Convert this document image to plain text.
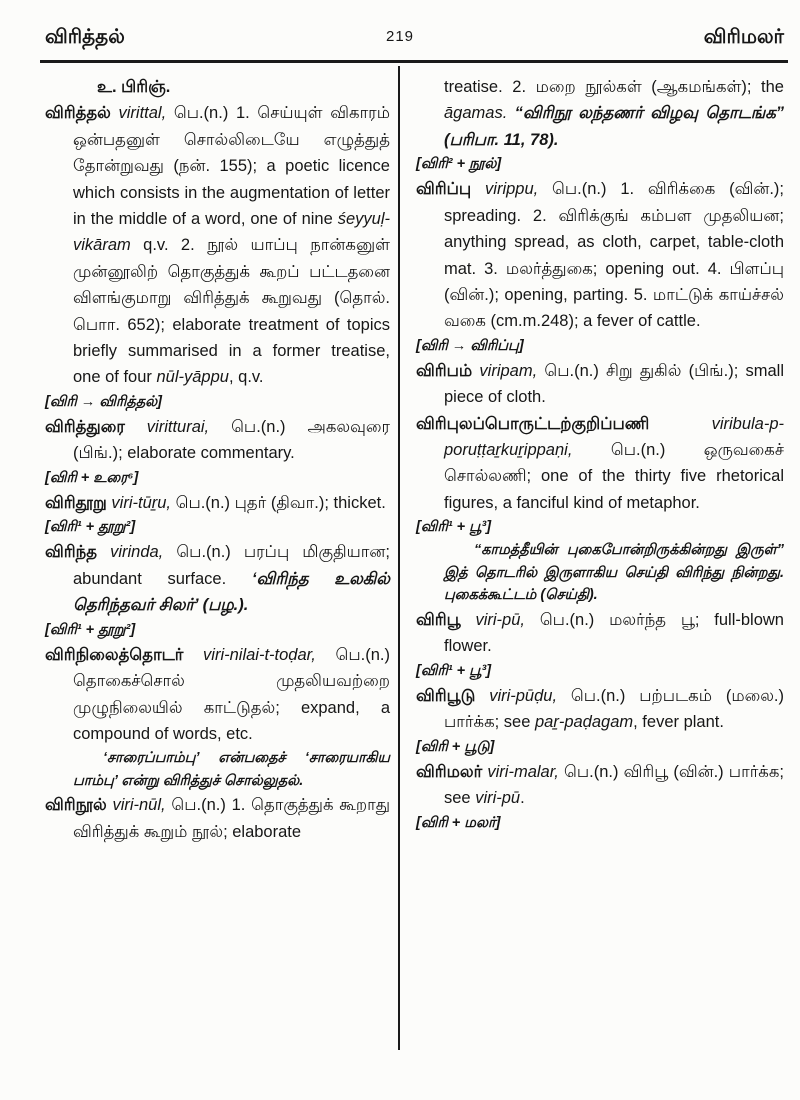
விரித்தல்	219	விரிமலர்

உ. பிரிஞ்.

விரித்தல் virittal, பெ.(n.) 1. செய்யுள் விகாரம் ஒன்பதனுள் சொல்லிடையே எழுத்துத் தோன்றுவது (நன். 155); a poetic licence which consists in the augmentation of letter in the middle of a word, one of nine śeyyuḷ-vikāram q.v. 2. நூல் யாப்பு நான்கனுள் முன்னூலிற் தொகுத்துக் கூறப் பட்டதனை விளங்குமாறு விரித்துக் கூறுவது (தொல். பொா. 652); elaborate treatment of topics briefly summarised in a former treatise, one of four nūl-yāppu, q.v.

[விரி → விரித்தல்]

விரித்துரை viritturai, பெ.(n.) அகலவுரை (பிங்.); elaborate commentary.

[விரி + உரை⁶]

விரிதூறு viri-tūṟu, பெ.(n.) புதர் (திவா.); thicket.

[விரி¹ + தூறு²]

விரிந்த virinda, பெ.(n.) பரப்பு மிகுதியான; abundant surface. ‘விரிந்த உலகில் தெரிந்தவர் சிலர்’ (பழ.).

[விரி¹ + தூறு²]

விரிநிலைத்தொடர் viri-nilai-t-toḍar, பெ.(n.) தொகைச்சொல் முதலியவற்றை முழுநிலையில் காட்டுதல்; expand, a compound of words, etc.

‘சாரைப்பாம்பு’ என்பதைச் ‘சாரையாகிய பாம்பு’ என்று விரித்துச் சொல்லுதல்.

விரிநூல் viri-nūl, பெ.(n.) 1. தொகுத்துக் கூறாது விரித்துக் கூறும் நூல்; elaborate

treatise. 2. மறை நூல்கள் (ஆகமங்கள்); the āgamas. “விரிநூ லந்தணர் விழவு தொடங்க” (பரிபா. 11, 78).

[விரி² + நூல்]

விரிப்பு virippu, பெ.(n.) 1. விரிக்கை (வின்.); spreading. 2. விரிக்குங் கம்பள முதலியன; anything spread, as cloth, carpet, table-cloth mat. 3. மலர்த்துகை; opening out. 4. பிளப்பு (வின்.); opening, parting. 5. மாட்டுக் காய்ச்சல் வகை (cm.m.248); a fever of cattle.

[விரி → விரிப்பு]

விரிபம் viripam, பெ.(n.) சிறு துகில் (பிங்.); small piece of cloth.

விரிபுலப்பொருட்டற்குறிப்பணி viribula-p-poruṭṭaṟkuṟippaṇi, பெ.(n.) ஒருவகைச் சொல்லணி; one of the thirty five rhetorical figures, a fanciful kind of metaphor.

[விரி¹ + பூ³]

“காமத்தீயின் புகைபோன்றிருக்கின்றது இருள்” இத் தொடரில் இருளாகிய செய்தி விரிந்து நின்றது. புகைக்கூட்டம் (செய்தி).

விரிபூ viri-pū, பெ.(n.) மலர்ந்த பூ; full-blown flower.

[விரி¹ + பூ³]

விரிபூடு viri-pūḍu, பெ.(n.) பற்படகம் (மலை.) பார்க்க; see paṟ-paḍagam, fever plant.

[விரி + பூடு]

விரிமலர் viri-malar, பெ.(n.) விரிபூ (வின்.) பார்க்க; see viri-pū.

[விரி + மலர்]
